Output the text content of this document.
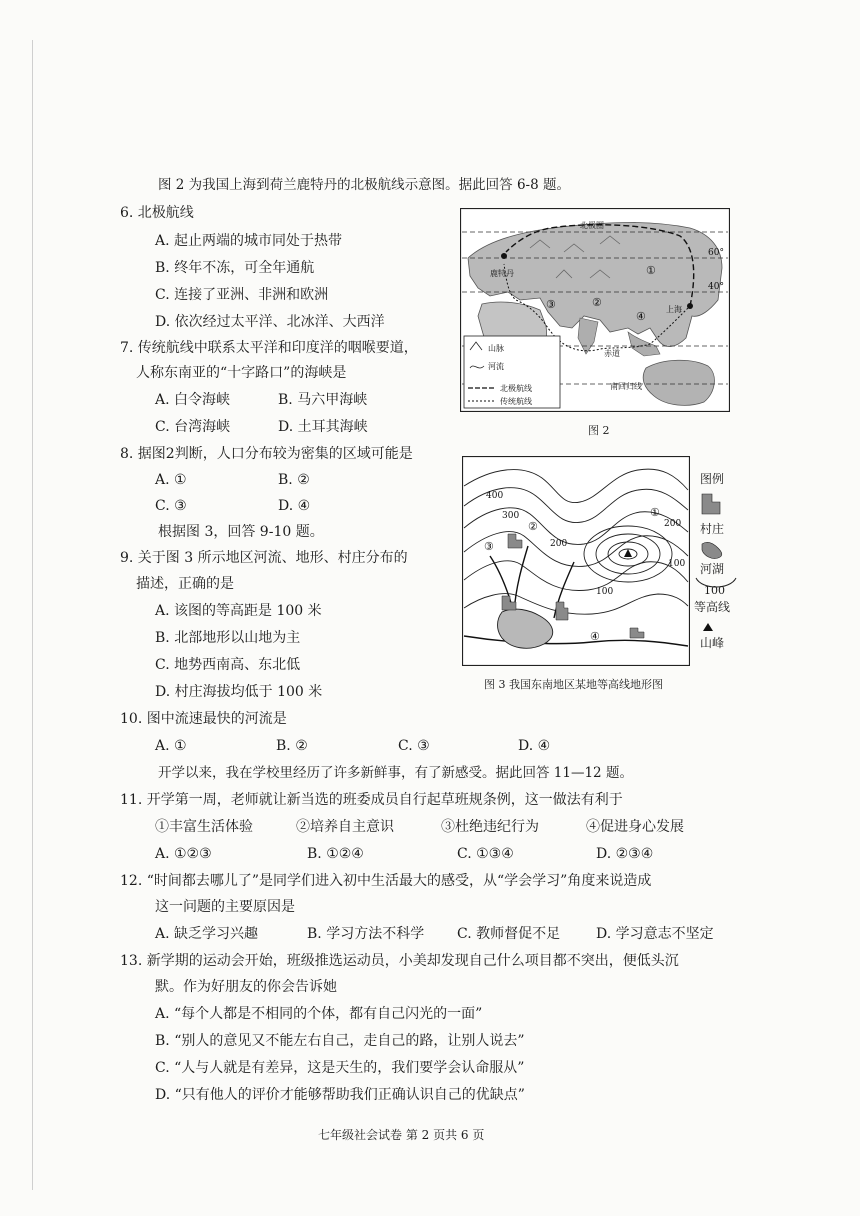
图 2 为我国上海到荷兰鹿特丹的北极航线示意图。据此回答 6-8 题。
6. 北极航线
A. 起止两端的城市同处于热带
B. 终年不冻，可全年通航
C. 连接了亚洲、非洲和欧洲
D. 依次经过太平洋、北冰洋、大西洋
7. 传统航线中联系太平洋和印度洋的咽喉要道，
人称东南亚的“十字路口”的海峡是
A. 白令海峡	B. 马六甲海峡
C. 台湾海峡	D. 土耳其海峡
8. 据图2判断，人口分布较为密集的区域可能是
A. ①	B. ②
C. ③	D. ④
根据图 3，回答 9-10 题。
9. 关于图 3 所示地区河流、地形、村庄分布的
描述，正确的是
A. 该图的等高距是 100 米
B. 北部地形以山地为主
C. 地势西南高、东北低
D. 村庄海拔均低于 100 米
10. 图中流速最快的河流是
A. ①	B. ②	C. ③	D. ④
开学以来，我在学校里经历了许多新鲜事，有了新感受。据此回答 11—12 题。
11. 开学第一周，老师就让新当选的班委成员自行起草班规条例，这一做法有利于
①丰富生活体验	②培养自主意识	③杜绝违纪行为	④促进身心发展
A. ①②③	B. ①②④	C. ①③④	D. ②③④
12. “时间都去哪儿了”是同学们进入初中生活最大的感受，从“学会学习”角度来说造成
这一问题的主要原因是
A. 缺乏学习兴趣	B. 学习方法不科学 C. 教师督促不足	D. 学习意志不坚定
13. 新学期的运动会开始，班级推选运动员，小美却发现自己什么项目都不突出，便低头沉
默。作为好朋友的你会告诉她
A. “每个人都是不相同的个体，都有自己闪光的一面”
B. “别人的意见又不能左右自己，走自己的路，让别人说去”
C. “人与人就是有差异，这是天生的，我们要学会认命服从”
D. “只有他人的评价才能够帮助我们正确认识自己的优缺点”
鹿特丹
北极圈
上海
赤道
南回归线
60°
40°
①
②
③
④
山脉
河流
北极航线
传统航线
图 2
400
300
200
100
200
100
①
②
③
④
图例
村庄
河湖
100
等高线
山峰
图 3 我国东南地区某地等高线地形图
七年级社会试卷 第 2 页共 6 页
